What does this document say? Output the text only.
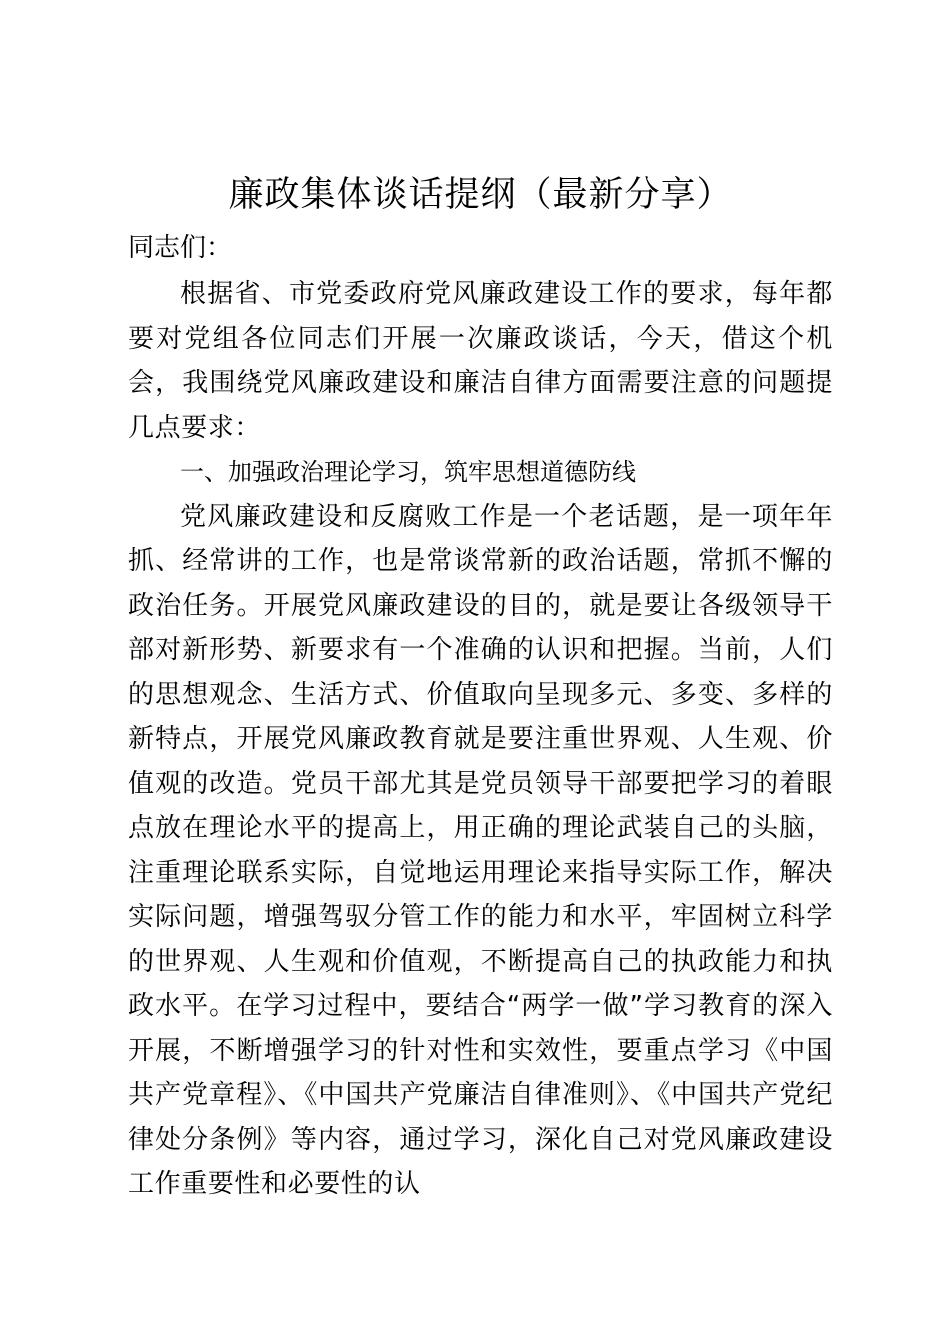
廉政集体谈话提纲（最新分享）

同志们：

根据省、市党委政府党风廉政建设工作的要求，每年都要对党组各位同志们开展一次廉政谈话，今天，借这个机会，我围绕党风廉政建设和廉洁自律方面需要注意的问题提几点要求：

一、加强政治理论学习，筑牢思想道德防线

党风廉政建设和反腐败工作是一个老话题，是一项年年抓、经常讲的工作，也是常谈常新的政治话题，常抓不懈的政治任务。开展党风廉政建设的目的，就是要让各级领导干部对新形势、新要求有一个准确的认识和把握。当前，人们的思想观念、生活方式、价值取向呈现多元、多变、多样的新特点，开展党风廉政教育就是要注重世界观、人生观、价值观的改造。党员干部尤其是党员领导干部要把学习的着眼点放在理论水平的提高上，用正确的理论武装自己的头脑，注重理论联系实际，自觉地运用理论来指导实际工作，解决实际问题，增强驾驭分管工作的能力和水平，牢固树立科学的世界观、人生观和价值观，不断提高自己的执政能力和执政水平。在学习过程中，要结合“两学一做”学习教育的深入开展，不断增强学习的针对性和实效性，要重点学习《中国共产党章程》、《中国共产党廉洁自律准则》、《中国共产党纪律处分条例》等内容，通过学习，深化自己对党风廉政建设工作重要性和必要性的认
